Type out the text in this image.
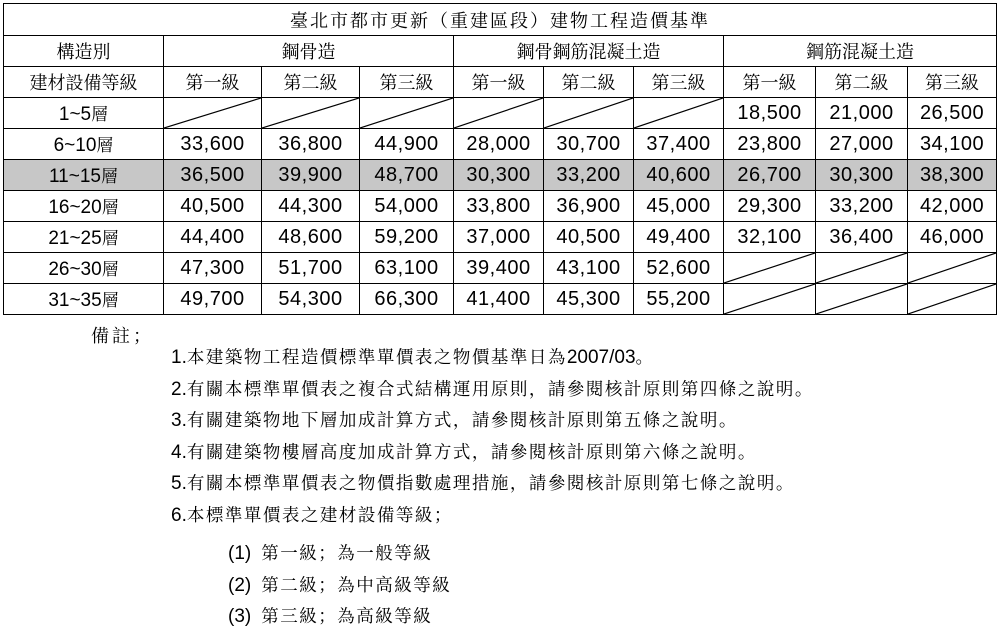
臺北市都市更新（重建區段）建物工程造價基準									
構造別	鋼骨造			鋼骨鋼筋混凝土造			鋼筋混凝土造		
建材設備等級	第一級	第二級	第三級	第一級	第二級	第三級	第一級	第二級	第三級
1~5層							18,500	21,000	26,500
6~10層	33,600	36,800	44,900	28,000	30,700	37,400	23,800	27,000	34,100
11~15層	36,500	39,900	48,700	30,300	33,200	40,600	26,700	30,300	38,300
16~20層	40,500	44,300	54,000	33,800	36,900	45,000	29,300	33,200	42,000
21~25層	44,400	48,600	59,200	37,000	40,500	49,400	32,100	36,400	46,000
26~30層	47,300	51,700	63,100	39,400	43,100	52,600	

31~35層	49,700	54,300	66,300	41,400	45,300	55,200	

備註；
1.本建築物工程造價標準單價表之物價基準日為2007/03。
2.有關本標準單價表之複合式結構運用原則，請參閱核計原則第四條之說明。
3.有關建築物地下層加成計算方式，請參閱核計原則第五條之說明。
4.有關建築物樓層高度加成計算方式，請參閱核計原則第六條之說明。
5.有關本標準單價表之物價指數處理措施，請參閱核計原則第七條之說明。
6.本標準單價表之建材設備等級；
(1) 第一級；為一般等級
(2) 第二級；為中高級等級
(3) 第三級；為高級等級
